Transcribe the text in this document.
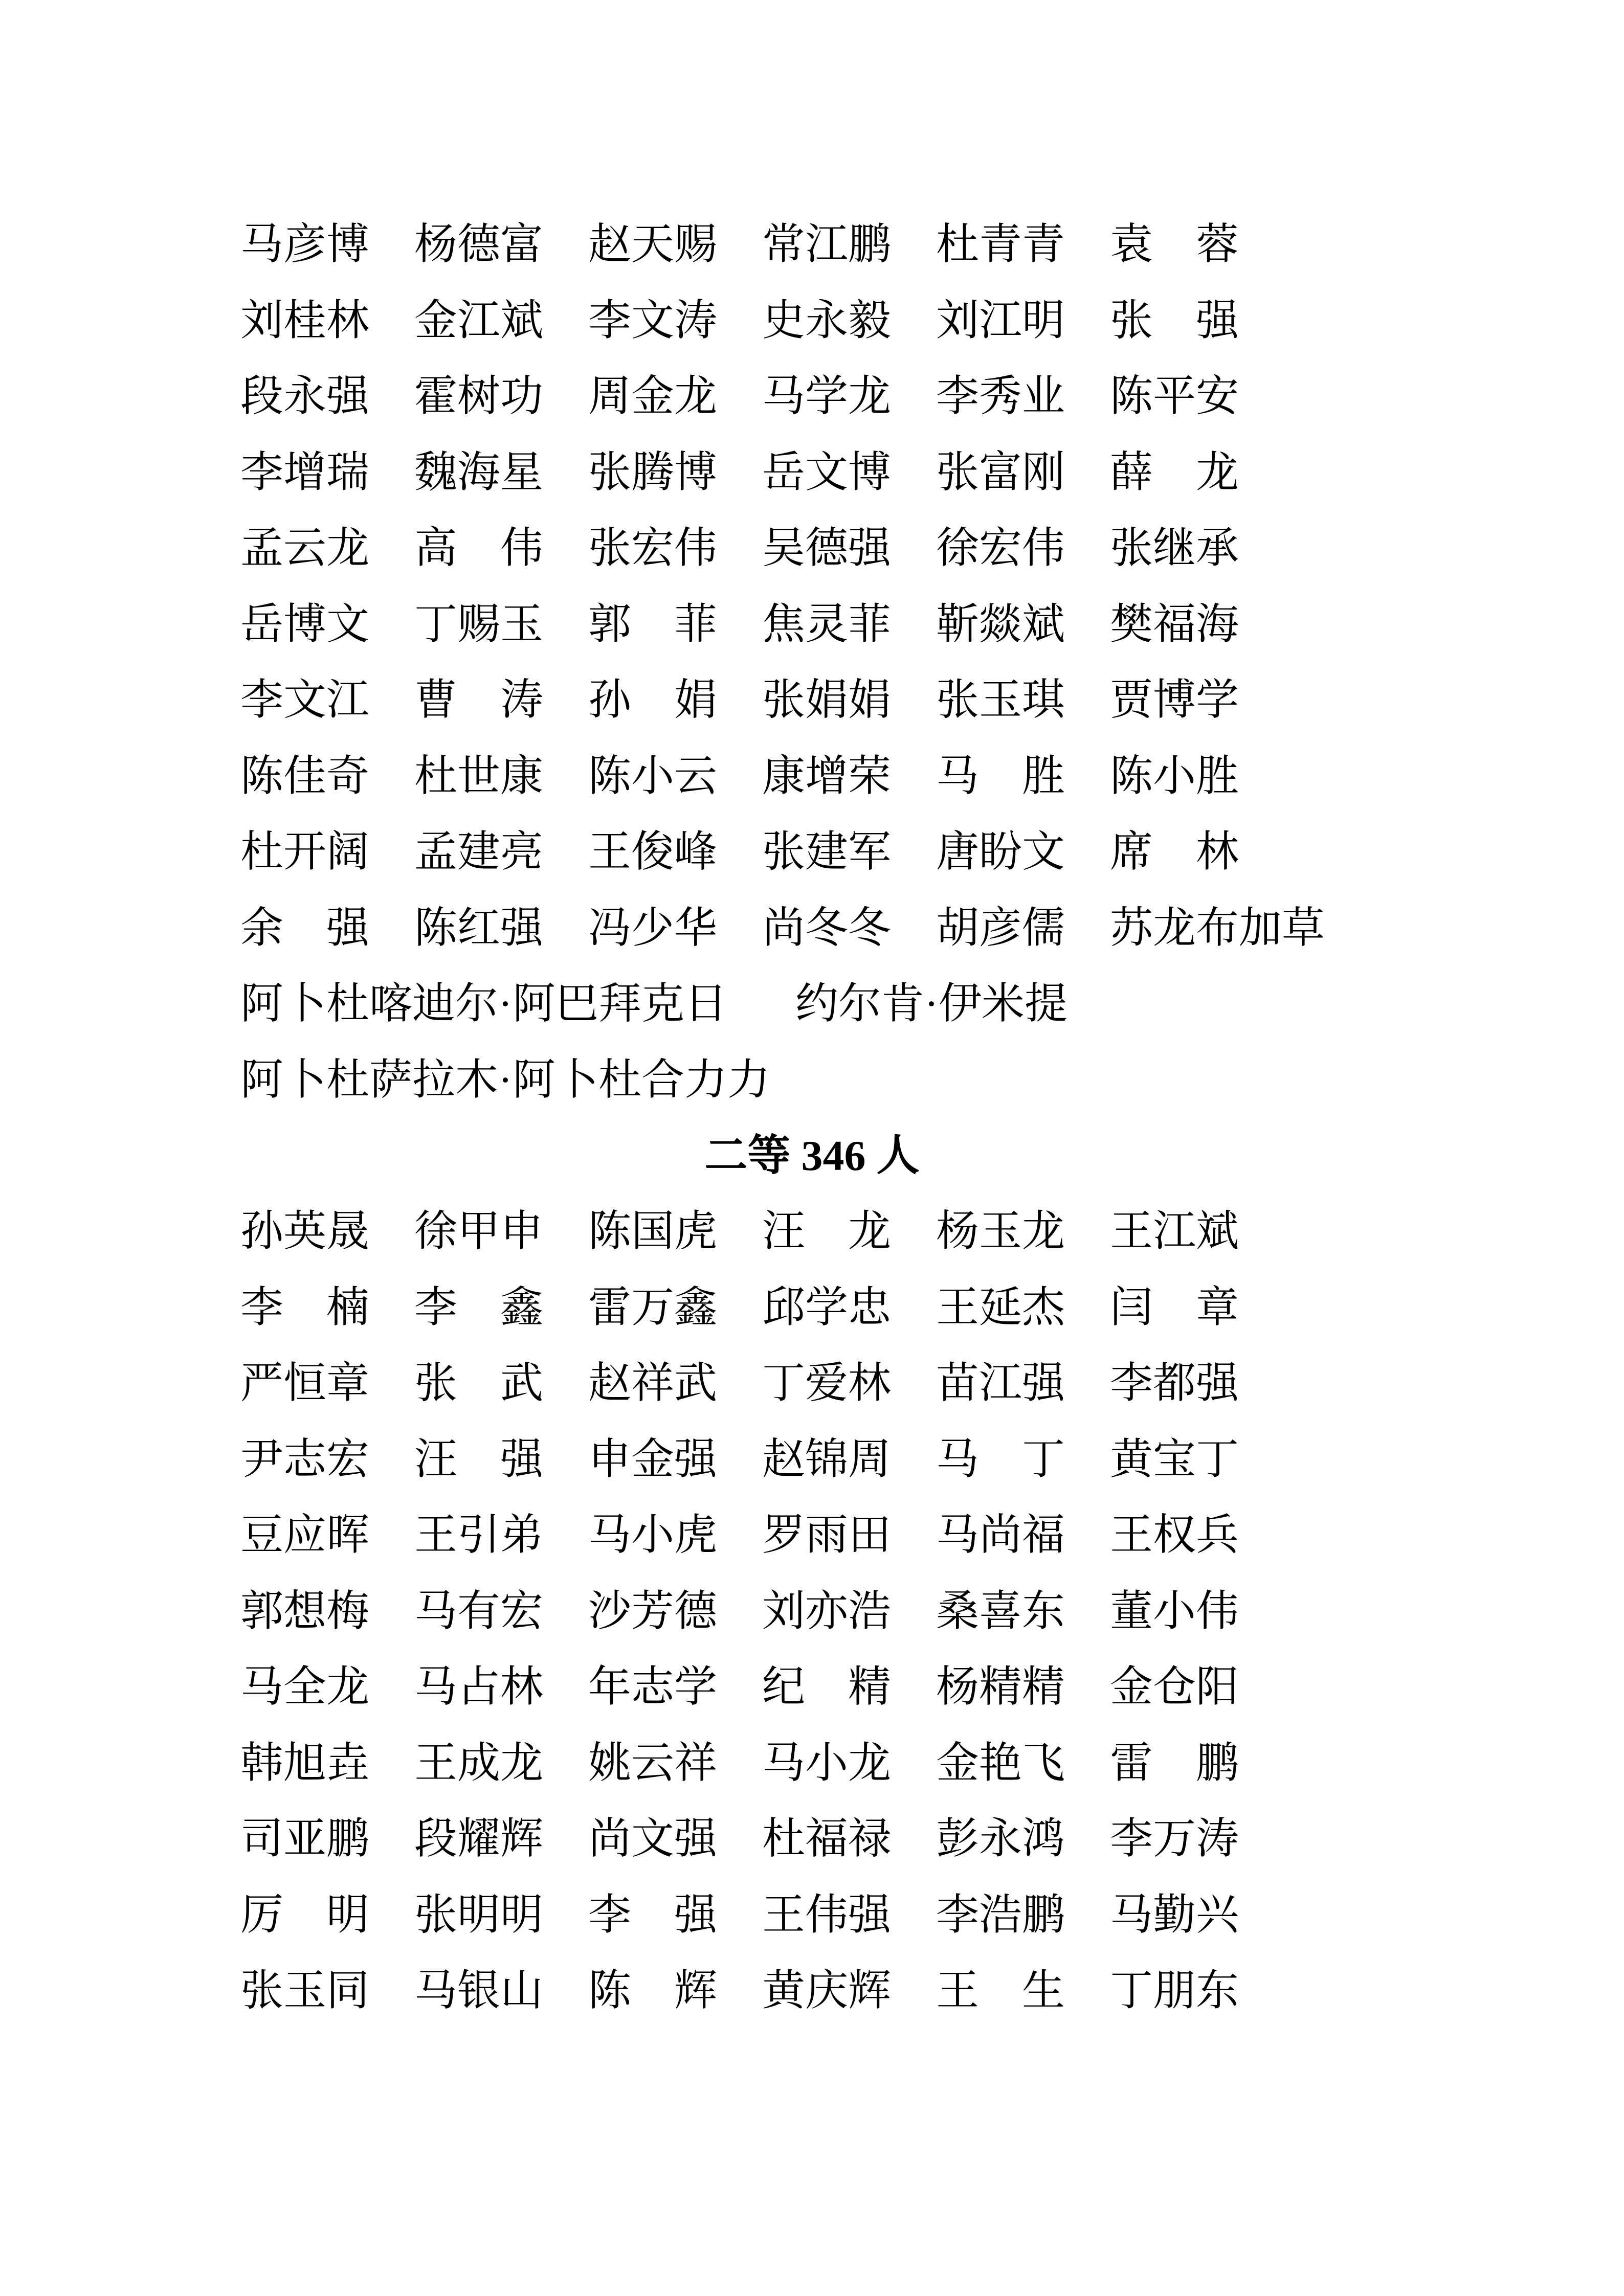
马彦博	杨德富	赵天赐	常江鹏	杜青青	袁　蓉
刘桂林	金江斌	李文涛	史永毅	刘江明	张　强
段永强	霍树功	周金龙	马学龙	李秀业	陈平安
李增瑞	魏海星	张腾博	岳文博	张富刚	薛　龙
孟云龙	高　伟	张宏伟	吴德强	徐宏伟	张继承
岳博文	丁赐玉	郭　菲	焦灵菲	靳燚斌	樊福海
李文江	曹　涛	孙　娟	张娟娟	张玉琪	贾博学
陈佳奇	杜世康	陈小云	康增荣	马　胜	陈小胜
杜开阔	孟建亮	王俊峰	张建军	唐盼文	席　林
余　强	陈红强	冯少华	尚冬冬	胡彦儒	苏龙布加草
阿卜杜喀迪尔·阿巴拜克日	约尔肯·伊米提
阿卜杜萨拉木·阿卜杜合力力
二等 346 人
孙英晟	徐甲申	陈国虎	汪　龙	杨玉龙	王江斌
李　楠	李　鑫	雷万鑫	邱学忠	王延杰	闫　章
严恒章	张　武	赵祥武	丁爱林	苗江强	李都强
尹志宏	汪　强	申金强	赵锦周	马　丁	黄宝丁
豆应晖	王引弟	马小虎	罗雨田	马尚福	王权兵
郭想梅	马有宏	沙芳德	刘亦浩	桑喜东	董小伟
马全龙	马占林	年志学	纪　精	杨精精	金仓阳
韩旭垚	王成龙	姚云祥	马小龙	金艳飞	雷　鹏
司亚鹏	段耀辉	尚文强	杜福禄	彭永鸿	李万涛
厉　明	张明明	李　强	王伟强	李浩鹏	马勤兴
张玉同	马银山	陈　辉	黄庆辉	王　生	丁朋东
